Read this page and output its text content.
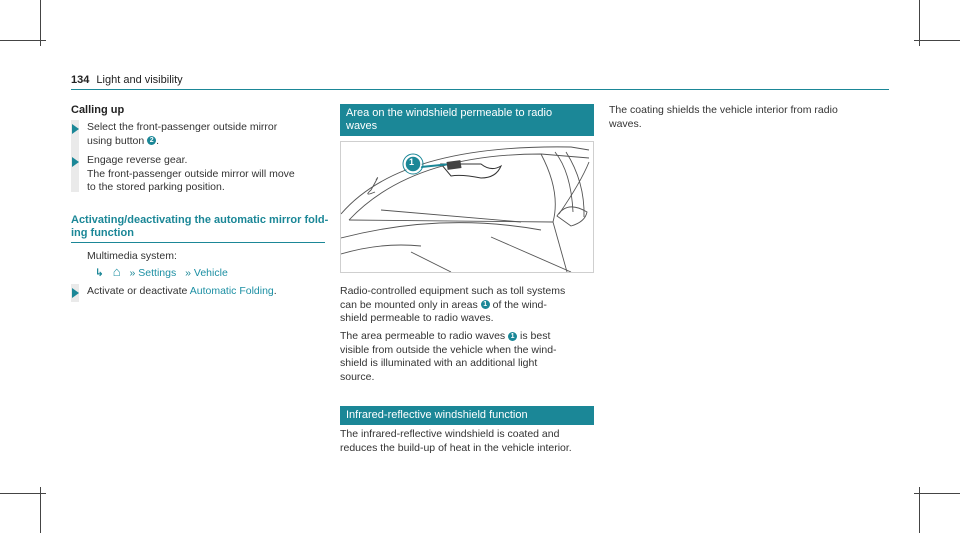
134 Light and visibility
Calling up
Select the front-passenger outside mirror
using button 2 .
Engage reverse gear.
The front-passenger outside mirror will move
to the stored parking position.
Activating/deactivating the automatic mirror fold-
ing function
Multimedia system:
↳ ⌂ » Settings » Vehicle
Activate or deactivate Automatic Folding.
Area on the windshield permeable to radio
waves
1
Radio-controlled equipment such as toll systems
can be mounted only in areas 1 of the wind-
shield permeable to radio waves.
The area permeable to radio waves 1 is best
visible from outside the vehicle when the wind-
shield is illuminated with an additional light
source.
Infrared-reflective windshield function
The infrared-reflective windshield is coated and
reduces the build-up of heat in the vehicle interior.
The coating shields the vehicle interior from radio
waves.
